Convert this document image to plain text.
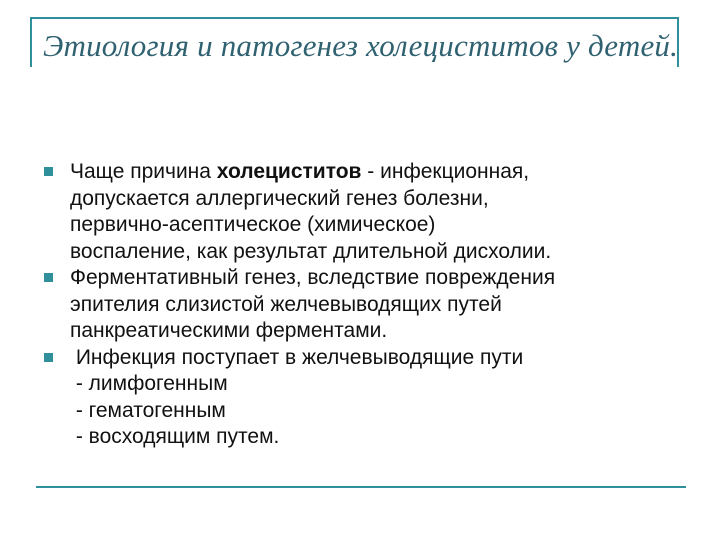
Этиология и патогенез холециститов у детей.
Чаще причина холециститов - инфекционная,
допускается аллергический генез болезни,
первично-асептическое (химическое)
воспаление, как результат длительной дисхолии.
Ферментативный генез, вследствие повреждения
эпителия слизистой желчевыводящих путей
панкреатическими ферментами.
Инфекция поступает в желчевыводящие пути
- лимфогенным
- гематогенным
- восходящим путем.
